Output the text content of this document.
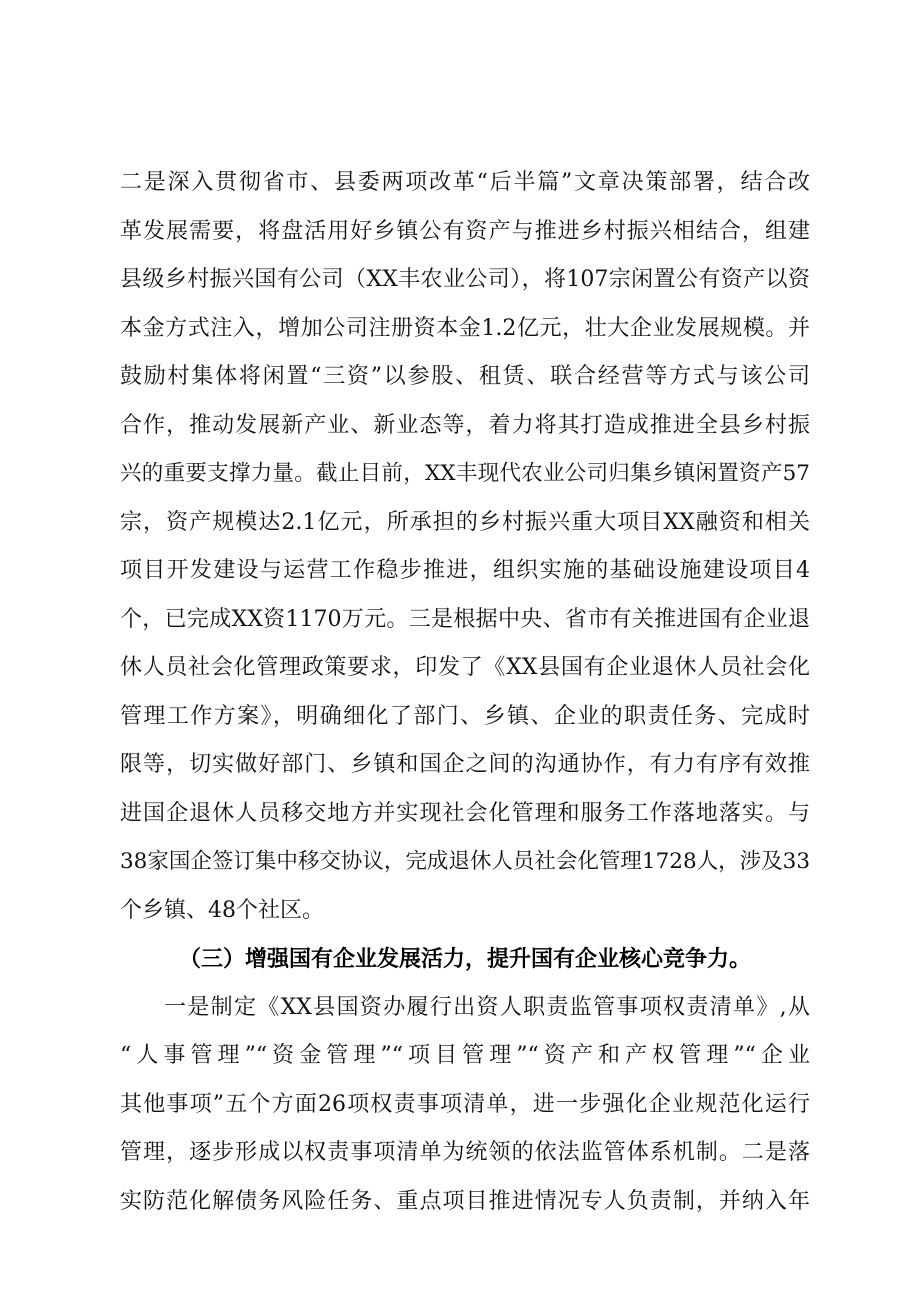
二是深入贯彻省市、县委两项改革“后半篇”文章决策部署，结合改
革发展需要，将盘活用好乡镇公有资产与推进乡村振兴相结合，组建
县级乡村振兴国有公司（XX丰农业公司），将107宗闲置公有资产以资
本金方式注入，增加公司注册资本金1.2亿元，壮大企业发展规模。并
鼓励村集体将闲置“三资”以参股、租赁、联合经营等方式与该公司
合作，推动发展新产业、新业态等，着力将其打造成推进全县乡村振
兴的重要支撑力量。截止目前，XX丰现代农业公司归集乡镇闲置资产57
宗，资产规模达2.1亿元，所承担的乡村振兴重大项目XX融资和相关
项目开发建设与运营工作稳步推进，组织实施的基础设施建设项目4
个，已完成XX资1170万元。三是根据中央、省市有关推进国有企业退
休人员社会化管理政策要求，印发了《XX县国有企业退休人员社会化
管理工作方案》，明确细化了部门、乡镇、企业的职责任务、完成时
限等，切实做好部门、乡镇和国企之间的沟通协作，有力有序有效推
进国企退休人员移交地方并实现社会化管理和服务工作落地落实。与
38家国企签订集中移交协议，完成退休人员社会化管理1728人，涉及33
个乡镇、48个社区。
（三）增强国有企业发展活力，提升国有企业核心竞争力。
一是制定《XX县国资办履行出资人职责监管事项权责清单》,从
“人事管理”“资金管理”“项目管理”“资产和产权管理”“企业
其他事项”五个方面26项权责事项清单，进一步强化企业规范化运行
管理，逐步形成以权责事项清单为统领的依法监管体系机制。二是落
实防范化解债务风险任务、重点项目推进情况专人负责制，并纳入年
